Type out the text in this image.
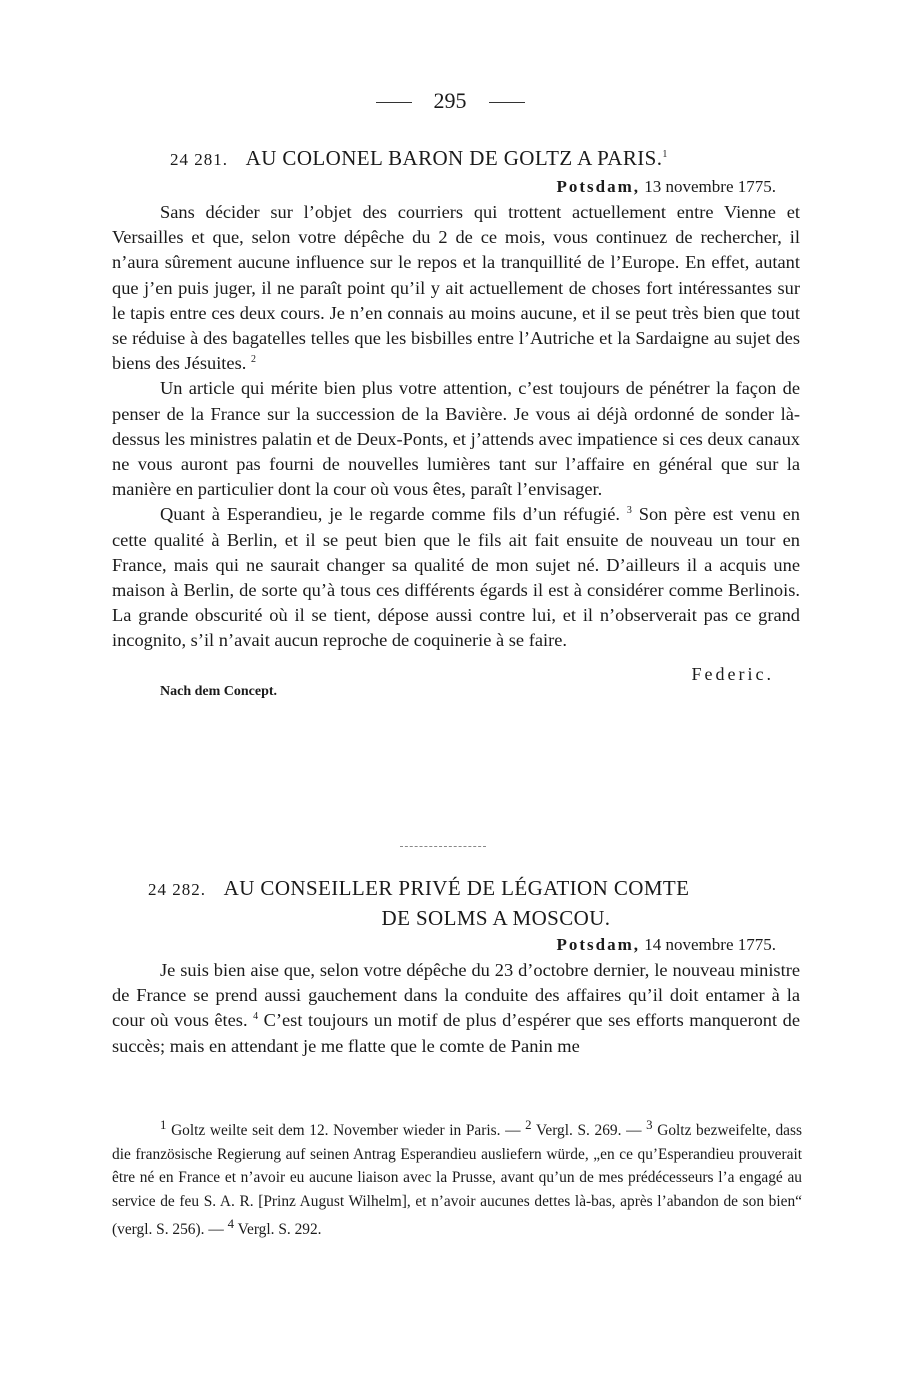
295
24 281. AU COLONEL BARON DE GOLTZ A PARIS.$^1$
Potsdam, 13 novembre 1775.

Sans décider sur l’objet des courriers qui trottent actuellement entre Vienne et Versailles et que, selon votre dépêche du 2 de ce mois, vous continuez de rechercher, il n’aura sûrement aucune influence sur le repos et la tranquillité de l’Europe. En effet, autant que j’en puis juger, il ne paraît point qu’il y ait actuellement de choses fort intéressantes sur le tapis entre ces deux cours. Je n’en connais au moins aucune, et il se peut très bien que tout se réduise à des bagatelles telles que les bisbilles entre l’Autriche et la Sardaigne au sujet des biens des Jésuites. $^2$

Un article qui mérite bien plus votre attention, c’est toujours de pénétrer la façon de penser de la France sur la succession de la Bavière. Je vous ai déjà ordonné de sonder là-dessus les ministres palatin et de Deux-Ponts, et j’attends avec impatience si ces deux canaux ne vous auront pas fourni de nouvelles lumières tant sur l’affaire en général que sur la manière en particulier dont la cour où vous êtes, paraît l’envisager.

Quant à Esperandieu, je le regarde comme fils d’un réfugié. $^3$ Son père est venu en cette qualité à Berlin, et il se peut bien que le fils ait fait ensuite de nouveau un tour en France, mais qui ne saurait changer sa qualité de mon sujet né. D’ailleurs il a acquis une maison à Berlin, de sorte qu’à tous ces différents égards il est à considérer comme Berlinois. La grande obscurité où il se tient, dépose aussi contre lui, et il n’observerait pas ce grand incognito, s’il n’avait aucun reproche de coquinerie à se faire.

Federic.
Nach dem Concept.
24 282. AU CONSEILLER PRIVÉ DE LÉGATION COMTE
DE SOLMS A MOSCOU.
Potsdam, 14 novembre 1775.

Je suis bien aise que, selon votre dépêche du 23 d’octobre dernier, le nouveau ministre de France se prend aussi gauchement dans la conduite des affaires qu’il doit entamer à la cour où vous êtes. $^4$ C’est toujours un motif de plus d’espérer que ses efforts manqueront de succès; mais en attendant je me flatte que le comte de Panin me

$^1$ Goltz weilte seit dem 12. November wieder in Paris. — $^2$ Vergl. S. 269. — $^3$ Goltz bezweifelte, dass die französische Regierung auf seinen Antrag Esperandieu ausliefern würde, „en ce qu’Esperandieu prouverait être né en France et n’avoir eu aucune liaison avec la Prusse, avant qu’un de mes prédécesseurs l’a engagé au service de feu S. A. R. [Prinz August Wilhelm], et n’avoir aucunes dettes là-bas, après l’abandon de son bien“ (vergl. S. 256). — $^4$ Vergl. S. 292.
